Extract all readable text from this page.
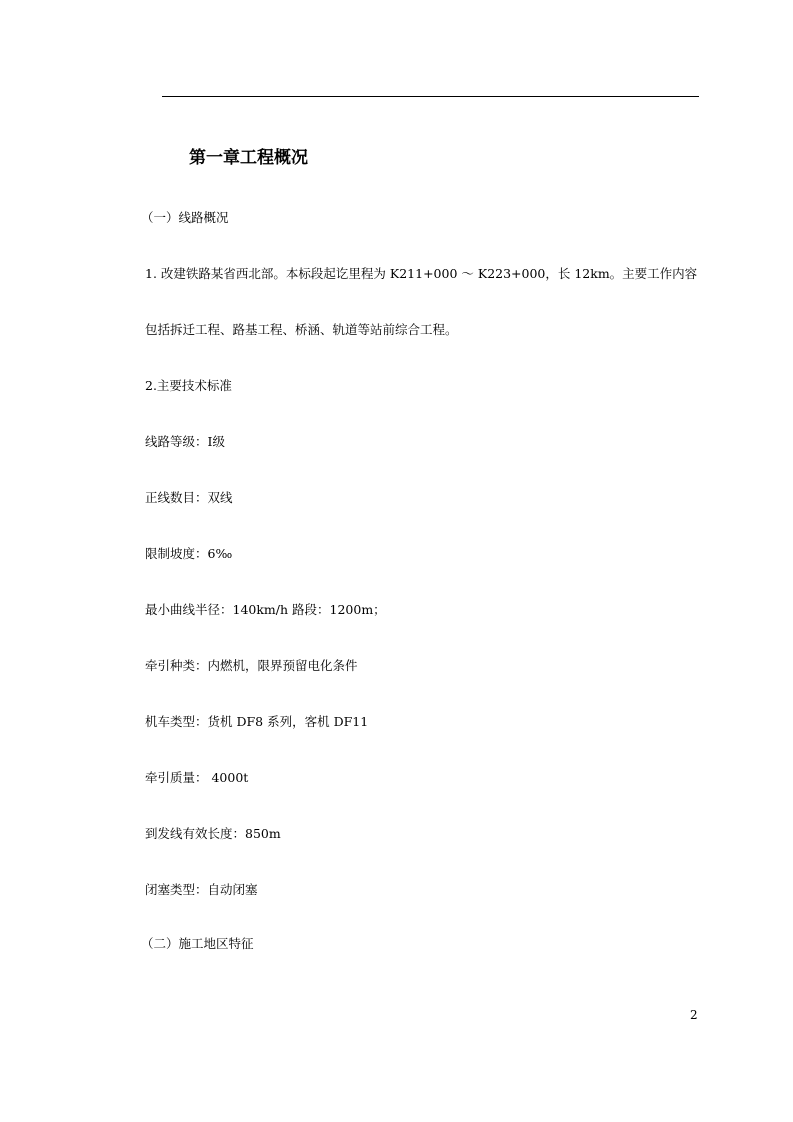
第一章工程概况

（一）线路概况

1. 改建铁路某省西北部。本标段起讫里程为 K211+000 ～ K223+000，长 12km。主要工作内容

包括拆迁工程、路基工程、桥涵、轨道等站前综合工程。

2.主要技术标准

线路等级：Ⅰ级

正线数目：双线

限制坡度：6‰

最小曲线半径：140km/h 路段：1200m；

牵引种类：内燃机，限界预留电化条件

机车类型：货机 DF8 系列，客机 DF11

牵引质量： 4000t

到发线有效长度：850m

闭塞类型：自动闭塞

（二）施工地区特征

2
